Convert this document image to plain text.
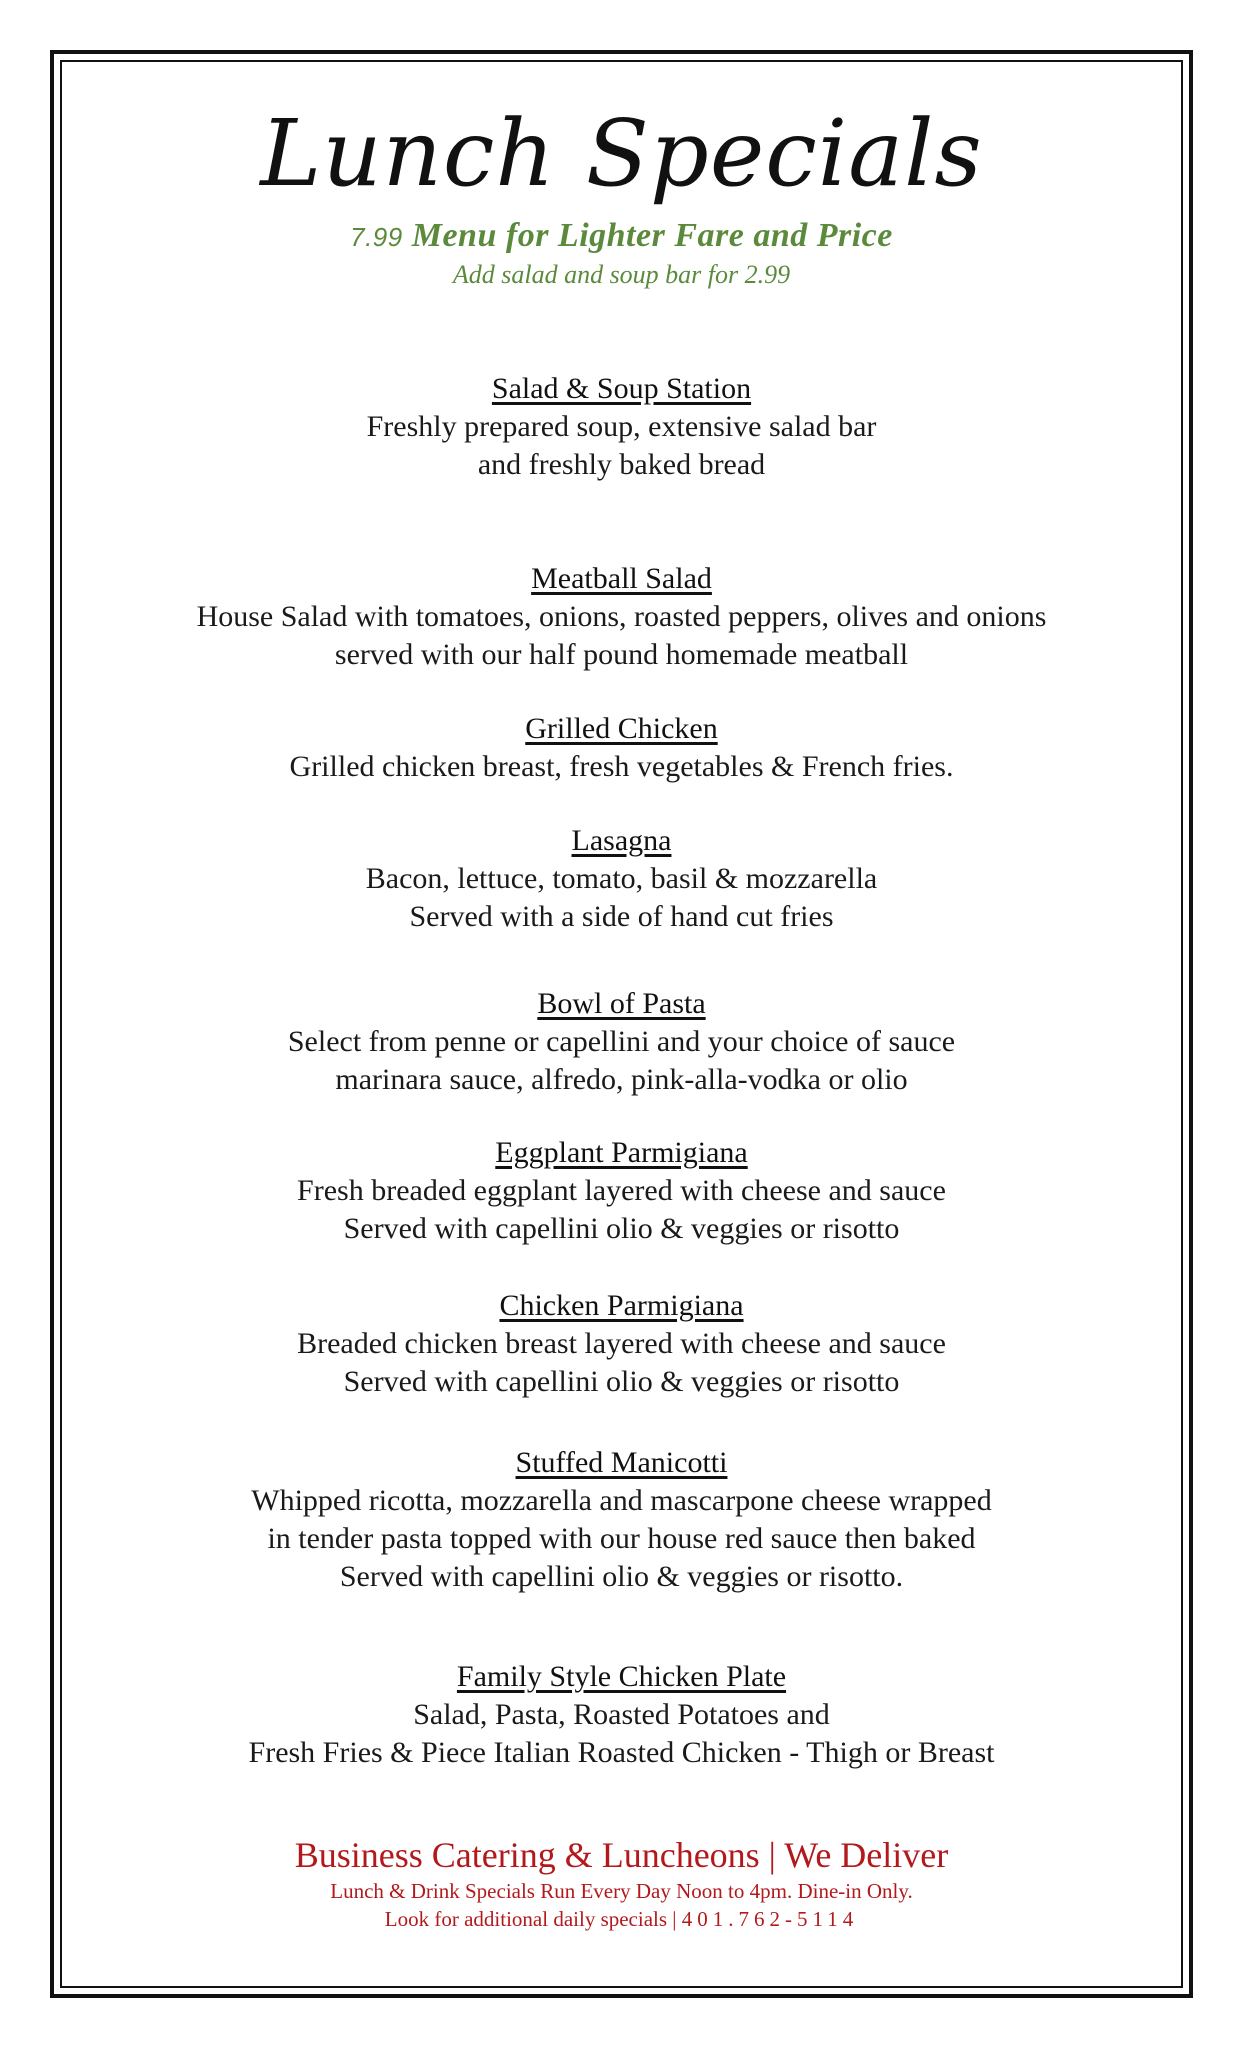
Lunch Specials
7.99 Menu for Lighter Fare and Price
Add salad and soup bar for 2.99
Salad & Soup Station
Freshly prepared soup, extensive salad bar
and freshly baked bread
Meatball Salad
House Salad with tomatoes, onions, roasted peppers, olives and onions
served with our half pound homemade meatball
Grilled Chicken
Grilled chicken breast, fresh vegetables & French fries.
Lasagna
Bacon, lettuce, tomato, basil & mozzarella
Served with a side of hand cut fries
Bowl of Pasta
Select from penne or capellini and your choice of sauce
marinara sauce, alfredo, pink-alla-vodka or olio
Eggplant Parmigiana
Fresh breaded eggplant layered with cheese and sauce
Served with capellini olio & veggies or risotto
Chicken Parmigiana
Breaded chicken breast layered with cheese and sauce
Served with capellini olio & veggies or risotto
Stuffed Manicotti
Whipped ricotta, mozzarella and mascarpone cheese wrapped
in tender pasta topped with our house red sauce then baked
Served with capellini olio & veggies or risotto.
Family Style Chicken Plate
Salad, Pasta, Roasted Potatoes and
Fresh Fries & Piece Italian Roasted Chicken - Thigh or Breast
Business Catering & Luncheons | We Deliver
Lunch & Drink Specials Run Every Day Noon to 4pm. Dine-in Only.
Look for additional daily specials | 401.762-5114
